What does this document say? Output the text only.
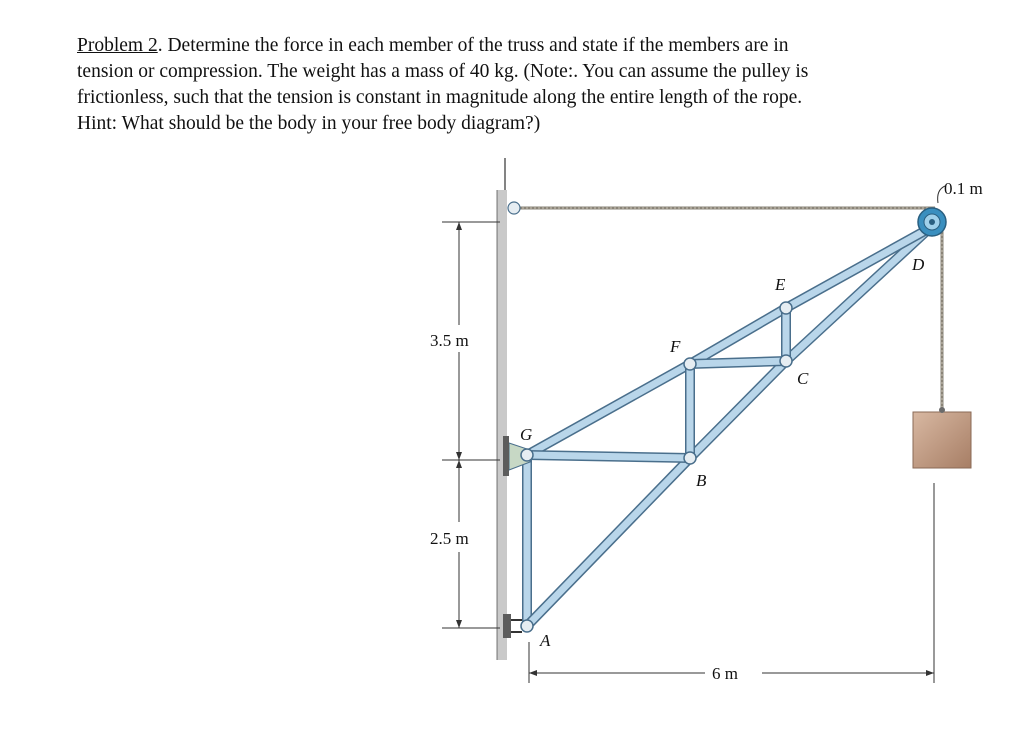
Problem 2. Determine the force in each member of the truss and state if the members are in
tension or compression. The weight has a mass of 40 kg. (Note:. You can assume the pulley is
frictionless, such that the tension is constant in magnitude along the entire length of the rope.
Hint: What should be the body in your free body diagram?)
3.5 m
2.5 m
6 m
0.1 m
A
B
C
D
E
F
G
